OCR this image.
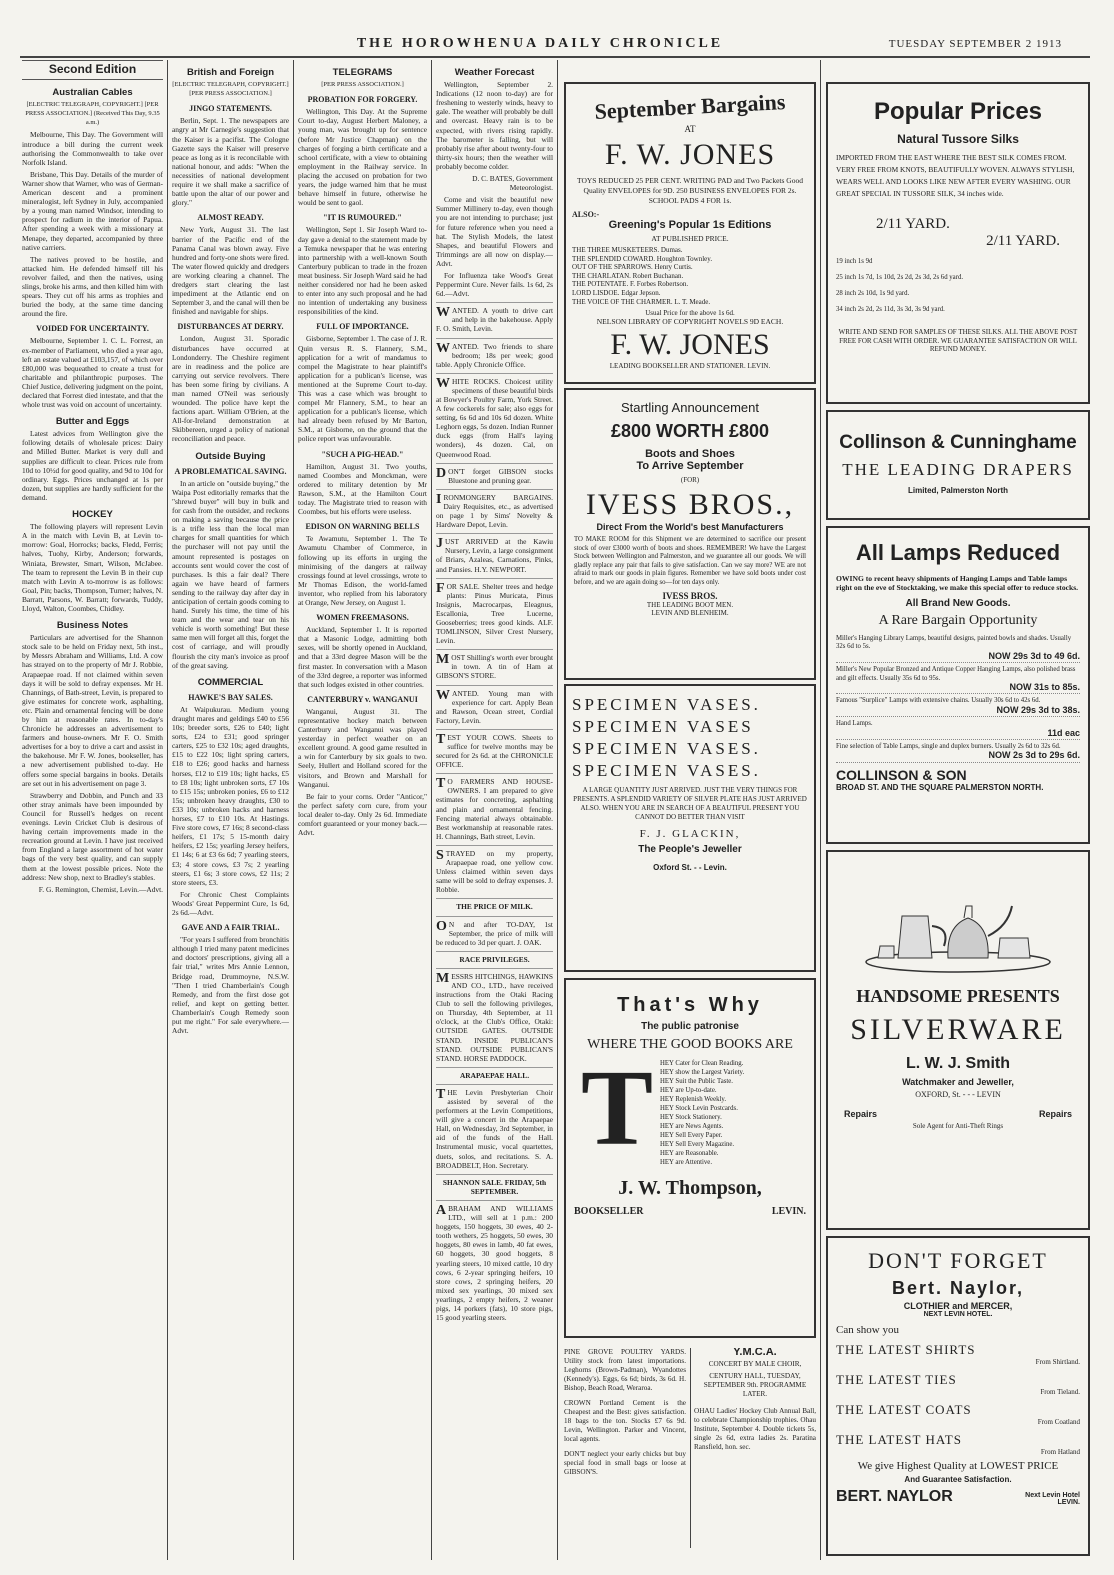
THE HOROWHENUA DAILY CHRONICLE	TUESDAY SEPTEMBER 2 1913
Second Edition
Australian Cables

[ELECTRIC TELEGRAPH, COPYRIGHT.] [PER PRESS ASSOCIATION.] (Received This Day, 9.35 a.m.)

Melbourne, This Day. The Government will introduce a bill during the current week authorising the Commonwealth to take over Norfolk Island.

Brisbane, This Day. Details of the murder of Warner show that Warner, who was of German-American descent and a prominent mineralogist, left Sydney in July, accompanied by a young man named Windsor, intending to prospect for radium in the interior of Papua. After spending a week with a missionary at Menape, they departed, accompanied by three native carriers.

The natives proved to be hostile, and attacked him. He defended himself till his revolver failed, and then the natives, using slings, broke his arms, and then killed him with spears. They cut off his arms as trophies and buried the body, at the same time dancing around the fire.

VOIDED FOR UNCERTAINTY.

Melbourne, September 1. C. L. Forrest, an ex-member of Parliament, who died a year ago, left an estate valued at £103,157, of which over £80,000 was bequeathed to create a trust for charitable and philanthropic purposes. The Chief Justice, delivering judgment on the point, declared that Forrest died intestate, and that the whole trust was void on account of uncertainty.

Butter and Eggs

Latest advices from Wellington give the following details of wholesale prices: Dairy and Milled Butter. Market is very dull and supplies are difficult to clear. Prices rule from 10d to 10½d for good quality, and 9d to 10d for ordinary. Eggs. Prices unchanged at 1s per dozen, but supplies are hardly sufficient for the demand.

HOCKEY

The following players will represent Levin A in the match with Levin B, at Levin to-morrow: Goal, Horrocks; backs, Fledd, Ferris; halves, Tuohy, Kirby, Anderson; forwards, Winiata, Brewster, Smart, Wilson, McJabee. The team to represent the Levin B in their cup match with Levin A to-morrow is as follows: Goal, Pin; backs, Thompson, Turner; halves, N. Barratt, Parsons, W. Barratt; forwards, Tuddy, Lloyd, Walton, Coombes, Chidley.

Business Notes

Particulars are advertised for the Shannon stock sale to be held on Friday next, 5th inst., by Messrs Abraham and Williams, Ltd. A cow has strayed on to the property of Mr J. Robbie, Arapaepae road. If not claimed within seven days it will be sold to defray expenses. Mr H. Channings, of Bath-street, Levin, is prepared to give estimates for concrete work, asphalting, etc. Plain and ornamental fencing will be done by him at reasonable rates. In to-day's Chronicle he addresses an advertisement to farmers and house-owners. Mr F. O. Smith advertises for a boy to drive a cart and assist in the bakehouse. Mr F. W. Jones, bookseller, has a new advertisement published to-day. He offers some special bargains in books. Details are set out in his advertisement on page 3.

Strawberry and Dobbin, and Punch and 33 other stray animals have been impounded by Council for Russell's hedges on recent evenings. Levin Cricket Club is desirous of having certain improvements made in the recreation ground at Levin. I have just received from England a large assortment of hot water bags of the very best quality, and can supply them at the lowest possible prices. Note the address: New shop, next to Bradley's stables.

F. G. Remington, Chemist, Levin.—Advt.

British and Foreign

[ELECTRIC TELEGRAPH, COPYRIGHT.] [PER PRESS ASSOCIATION.]

JINGO STATEMENTS.

Berlin, Sept. 1. The newspapers are angry at Mr Carnegie's suggestion that the Kaiser is a pacifist. The Cologne Gazette says the Kaiser will preserve peace as long as it is reconcilable with national honour, and adds: "When the necessities of national development require it we shall make a sacrifice of battle upon the altar of our power and glory."

ALMOST READY.

New York, August 31. The last barrier of the Pacific end of the Panama Canal was blown away. Five hundred and forty-one shots were fired. The water flowed quickly and dredgers are working clearing a channel. The dredgers start clearing the last impediment at the Atlantic end on September 3, and the canal will then be finished and navigable for ships.

DISTURBANCES AT DERRY.

London, August 31. Sporadic disturbances have occurred at Londonderry. The Cheshire regiment are in readiness and the police are carrying out service revolvers. There has been some firing by civilians. A man named O'Neil was seriously wounded. The police have kept the factions apart. William O'Brien, at the All-for-Ireland demonstration at Skibbereen, urged a policy of national reconciliation and peace.

Outside Buying
A PROBLEMATICAL SAVING.

In an article on "outside buying," the Waipa Post editorially remarks that the "shrewd buyer" will buy in bulk and for cash from the outsider, and reckons on making a saving because the price is a trifle less than the local man charges for small quantities for which the purchaser will not pay until the amount represented is postages on accounts sent would cover the cost of purchases. Is this a fair deal? There again we have heard of farmers sending to the railway day after day in anticipation of certain goods coming to hand. Surely his time, the time of his team and the wear and tear on his vehicle is worth something! But these same men will forget all this, forget the cost of carriage, and will proudly flourish the city man's invoice as proof of the great saving.

COMMERCIAL
HAWKE'S BAY SALES.

At Waipukurau. Medium young draught mares and geldings £40 to £56 10s; breeder sorts, £26 to £40; light sorts, £24 to £31; good springer carters, £25 to £32 10s; aged draughts, £15 to £22 10s; light spring carters, £18 to £26; good hacks and harness horses, £12 to £19 10s; light hacks, £5 to £8 10s; light unbroken sorts, £7 10s to £15 15s; unbroken ponies, £6 to £12 15s; unbroken heavy draughts, £30 to £33 10s; unbroken hacks and harness horses, £7 to £10 10s. At Hastings. Five store cows, £7 16s; 8 second-class heifers, £1 17s; 5 15-month dairy heifers, £2 15s; yearling Jersey heifers, £1 14s; 6 at £3 6s 6d; 7 yearling steers, £3; 4 store cows, £3 7s; 2 yearling steers, £1 6s; 3 store cows, £2 11s; 2 store steers, £3.

For Chronic Chest Complaints Woods' Great Peppermint Cure, 1s 6d, 2s 6d.—Advt.

GAVE AND A FAIR TRIAL.

"For years I suffered from bronchitis although I tried many patent medicines and doctors' prescriptions, giving all a fair trial," writes Mrs Annie Lennon, Bridge road, Drummoyne, N.S.W. "Then I tried Chamberlain's Cough Remedy, and from the first dose got relief, and kept on getting better. Chamberlain's Cough Remedy soon put me right." For sale everywhere.—Advt.

TELEGRAMS

[PER PRESS ASSOCIATION.]

PROBATION FOR FORGERY.

Wellington, This Day. At the Supreme Court to-day, August Herbert Maloney, a young man, was brought up for sentence (before Mr Justice Chapman) on the charges of forging a birth certificate and a school certificate, with a view to obtaining employment in the Railway service. In placing the accused on probation for two years, the judge warned him that he must behave himself in future, otherwise he would be sent to gaol.

"IT IS RUMOURED."

Wellington, Sept 1. Sir Joseph Ward to-day gave a denial to the statement made by a Temuka newspaper that he was entering into partnership with a well-known South Canterbury publican to trade in the frozen meat business. Sir Joseph Ward said he had neither considered nor had he been asked to enter into any such proposal and he had no intention of undertaking any business responsibilities of the kind.

FULL OF IMPORTANCE.

Gisborne, September 1. The case of J. R. Quin versus R. S. Flannery, S.M., application for a writ of mandamus to compel the Magistrate to hear plaintiff's application for a publican's license, was mentioned at the Supreme Court to-day. This was a case which was brought to compel Mr Flannery, S.M., to hear an application for a publican's license, which had already been refused by Mr Barton, S.M., at Gisborne, on the ground that the police report was unfavourable.

"SUCH A PIG-HEAD."

Hamilton, August 31. Two youths, named Coombes and Monckman, were ordered to military detention by Mr Rawson, S.M., at the Hamilton Court today. The Magistrate tried to reason with Coombes, but his efforts were useless.

EDISON ON WARNING BELLS

Te Awamutu, September 1. The Te Awamutu Chamber of Commerce, in following up its efforts in urging the minimising of the dangers at railway crossings found at level crossings, wrote to Mr Thomas Edison, the world-famed inventor, who replied from his laboratory at Orange, New Jersey, on August 1.

WOMEN FREEMASONS.

Auckland, September 1. It is reported that a Masonic Lodge, admitting both sexes, will be shortly opened in Auckland, and that a 33rd degree Mason will be the first master. In conversation with a Mason of the 33rd degree, a reporter was informed that such lodges existed in other countries.

CANTERBURY v. WANGANUI

Wanganui, August 31. The representative hockey match between Canterbury and Wanganui was played yesterday in perfect weather on an excellent ground. A good game resulted in a win for Canterbury by six goals to two. Seely, Hullert and Holland scored for the visitors, and Brown and Marshall for Wanganui.

Be fair to your corns. Order "Anticor," the perfect safety corn cure, from your local dealer to-day. Only 2s 6d. Immediate comfort guaranteed or your money back.—Advt.

Weather Forecast

Wellington, September 2. Indications (12 noon to-day) are for freshening to westerly winds, heavy to gale. The weather will probably be dull and overcast. Heavy rain is to be expected, with rivers rising rapidly. The barometer is falling, but will probably rise after about twenty-four to thirty-six hours; then the weather will probably become colder.

D. C. BATES, Government Meteorologist.

Come and visit the beautiful new Summer Millinery to-day, even though you are not intending to purchase; just for future reference when you need a hat. The Stylish Models, the latest Shapes, and beautiful Flowers and Trimmings are all now on display.—Advt.

For Influenza take Wood's Great Peppermint Cure. Never fails. 1s 6d, 2s 6d.—Advt.

WANTED. A youth to drive cart and help in the bakehouse. Apply F. O. Smith, Levin.
WANTED. Two friends to share bedroom; 18s per week; good table. Apply Chronicle Office.
WHITE ROCKS. Choicest utility specimens of these beautiful birds at Bowyer's Poultry Farm, York Street. A few cockerels for sale; also eggs for setting, 6s 6d and 10s 6d dozen. White Leghorn eggs, 5s dozen. Indian Runner duck eggs (from Hall's laying wonders), 4s dozen. Cal, on Queenwood Road.
DON'T forget GIBSON stocks Bluestone and pruning gear.
IRONMONGERY BARGAINS. Dairy Requisites, etc., as advertised on page 1 by Sims' Novelty & Hardware Depot, Levin.
JUST ARRIVED at the Kawiu Nursery, Levin, a large consignment of Briars, Azaleas, Carnations, Pinks, and Pansies. H.Y. NEWPORT.
FOR SALE. Shelter trees and hedge plants: Pinus Muricata, Pinus Insignis, Macrocarpas, Eleagnus, Escallonia, Tree Lucerne, Gooseberries; trees good kinds. ALF. TOMLINSON, Silver Crest Nursery, Levin.
MOST Shilling's worth ever brought in town. A tin of Ham at GIBSON'S STORE.
WANTED. Young man with experience for cart. Apply Bean and Rawson, Ocean street, Cordial Factory, Levin.
TEST YOUR COWS. Sheets to suffice for twelve months may be secured for 2s 6d. at the CHRONICLE OFFICE.
T O FARMERS AND HOUSE-OWNERS. I am prepared to give estimates for concreting, asphalting and plain and ornamental fencing. Fencing material always obtainable. Best workmanship at reasonable rates. H. Channings, Bath street, Levin.
STRAYED on my property, Arapaepae road, one yellow cow. Unless claimed within seven days same will be sold to defray expenses. J. Robbie.
THE PRICE OF MILK.
O N and after TO-DAY, 1st September, the price of milk will be reduced to 3d per quart. J. OAK.
RACE PRIVILEGES.
MESSRS HITCHINGS, HAWKINS AND CO., LTD., have received instructions from the Otaki Racing Club to sell the following privileges, on Thursday, 4th September, at 11 o'clock, at the Club's Office, Otaki: OUTSIDE GATES. OUTSIDE STAND. INSIDE PUBLICAN'S STAND. OUTSIDE PUBLICAN'S STAND. HORSE PADDOCK.
ARAPAEPAE HALL.
THE Levin Presbyterian Choir assisted by several of the performers at the Levin Competitions, will give a concert in the Arapaepae Hall, on Wednesday, 3rd September, in aid of the funds of the Hall. Instrumental music, vocal quartettes, duets, solos, and recitations. S. A. BROADBELT, Hon. Secretary.
SHANNON SALE. FRIDAY, 5th SEPTEMBER.
ABRAHAM AND WILLIAMS LTD., will sell at 1 p.m.: 200 hoggets, 150 hoggets, 30 ewes, 40 2-tooth wethers, 25 hoggets, 50 ewes, 30 hoggets, 80 ewes in lamb, 40 fat ewes, 60 hoggets, 30 good hoggets, 8 yearling steers, 10 mixed cattle, 10 dry cows, 6 2-year springing heifers, 10 store cows, 2 springing heifers, 20 mixed sex yearlings, 30 mixed sex yearlings, 2 empty heifers, 2 weaner pigs, 14 porkers (fats), 10 store pigs, 15 good yearling steers.
September Bargains
AT
F. W. JONES
TOYS REDUCED 25 PER CENT. WRITING PAD and Two Packets Good Quality ENVELOPES for 9D. 250 BUSINESS ENVELOPES FOR 2s. SCHOOL PADS 4 FOR 1s.
ALSO:-
Greening's Popular 1s Editions
AT PUBLISHED PRICE.
THE THREE MUSKETEERS. Dumas.
THE SPLENDID COWARD. Houghton Townley.
OUT OF THE SPARROWS. Henry Curtis.
THE CHARLATAN. Robert Buchanan.
THE POTENTATE. F. Forbes Robertson.
LORD LISDOE. Edgar Jepson.
THE VOICE OF THE CHARMER. L. T. Meade.
Usual Price for the above 1s 6d.
NELSON LIBRARY OF COPYRIGHT NOVELS 9D EACH.
F. W. JONES
LEADING BOOKSELLER AND STATIONER. LEVIN.
Startling Announcement
£800 WORTH £800
Boots and Shoes
To Arrive September
(FOR)
IVESS BROS.,
Direct From the World's best Manufacturers
TO MAKE ROOM for this Shipment we are determined to sacrifice our present stock of over £3000 worth of boots and shoes. REMEMBER! We have the Largest Stock between Wellington and Palmerston, and we guarantee all our goods. We will gladly replace any pair that fails to give satisfaction. Can we say more? WE are not afraid to mark our goods in plain figures. Remember we have sold boots under cost before, and we are again doing so—for ten days only.
IVESS BROS.
THE LEADING BOOT MEN.
LEVIN AND BLENHEIM.
SPECIMEN VASES.
SPECIMEN VASES
SPECIMEN VASES.
SPECIMEN VASES.
A LARGE QUANTITY JUST ARRIVED. JUST THE VERY THINGS FOR PRESENTS. A SPLENDID VARIETY OF SILVER PLATE HAS JUST ARRIVED ALSO. WHEN YOU ARE IN SEARCH OF A BEAUTIFUL PRESENT YOU CANNOT DO BETTER THAN VISIT
F. J. GLACKIN,
The People's Jeweller
Oxford St. - - Levin.
That's Why
The public patronise
WHERE THE GOOD BOOKS ARE
T	HEY Cater for Clean Reading.
HEY show the Largest Variety.
HEY Suit the Public Taste.
HEY are Up-to-date.
HEY Replenish Weekly.
HEY Stock Levin Postcards.
HEY Stock Stationery.
HEY are News Agents.
HEY Sell Every Paper.
HEY Sell Every Magazine.
HEY are Reasonable.
HEY are Attentive.
J. W. Thompson,
BOOKSELLER	LEVIN.

PINE GROVE POULTRY YARDS. Utility stock from latest importations. Leghorns (Brown-Padman), Wyandottes (Kennedy's). Eggs, 6s 6d; birds, 3s 6d. H. Bishop, Beach Road, Weraroa.

CROWN Portland Cement is the Cheapest and the Best: gives satisfaction. 18 bags to the ton. Stocks £7 6s 9d. Levin, Wellington. Parker and Vincent, local agents.

DON'T neglect your early chicks but buy special food in small bags or loose at GIBSON'S.

Y.M.C.A.
CONCERT BY MALE CHOIR,
CENTURY HALL, TUESDAY, SEPTEMBER 9th. PROGRAMME LATER.

OHAU Ladies' Hockey Club Annual Ball, to celebrate Championship trophies. Ohau Institute, September 4. Double tickets 5s, single 2s 6d, extra ladies 2s. Paratina Ransfield, hon. sec.

Popular Prices
Natural Tussore Silks
IMPORTED FROM THE EAST WHERE THE BEST SILK COMES FROM. VERY FREE FROM KNOTS, BEAUTIFULLY WOVEN. ALWAYS STYLISH, WEARS WELL AND LOOKS LIKE NEW AFTER EVERY WASHING. OUR GREAT SPECIAL IN TUSSORE SILK, 34 inches wide.
2/11 YARD.
2/11 YARD.
19 inch 1s 9d
25 inch 1s 7d, 1s 10d, 2s 2d, 2s 3d, 2s 6d yard.
28 inch 2s 10d, 1s 9d yard.
34 inch 2s 2d, 2s 11d, 3s 3d, 3s 9d yard.
WRITE AND SEND FOR SAMPLES OF THESE SILKS. ALL THE ABOVE POST FREE FOR CASH WITH ORDER. WE GUARANTEE SATISFACTION OR WILL REFUND MONEY.
Collinson & Cunninghame
THE LEADING DRAPERS
Limited, Palmerston North
All Lamps Reduced
OWING to recent heavy shipments of Hanging Lamps and Table lamps right on the eve of Stocktaking, we make this special offer to reduce stocks.
All Brand New Goods.
A Rare Bargain Opportunity
Miller's Hanging Library Lamps, beautiful designs, painted bowls and shades. Usually 32s 6d to 5s.
NOW 29s 3d to 49 6d.
Miller's New Popular Bronzed and Antique Copper Hanging Lamps, also polished brass and gilt effects. Usually 35s 6d to 95s.
NOW 31s to 85s.
Famous "Surplice" Lamps with extensive chains. Usually 30s 6d to 42s 6d.
NOW 29s 3d to 38s.
Hand Lamps.
11d eac
Fine selection of Table Lamps, single and duplex burners. Usually 2s 6d to 32s 6d.
NOW 2s 3d to 29s 6d.
COLLINSON & SON
BROAD ST. AND THE SQUARE PALMERSTON NORTH.
HANDSOME PRESENTS
SILVERWARE
L. W. J. Smith
Watchmaker and Jeweller,
OXFORD, St. - - - LEVIN
Repairs	Repairs
Sole Agent for Anti-Theft Rings
DON'T FORGET
Bert. Naylor,
CLOTHIER and MERCER,
NEXT LEVIN HOTEL.
Can show you
THE LATEST SHIRTS
From Shirtland.
THE LATEST TIES
From Tieland.
THE LATEST COATS
From Coatland
THE LATEST HATS
From Hatland
We give Highest Quality at LOWEST PRICE
And Guarantee Satisfaction.
BERT. NAYLOR	Next Levin Hotel LEVIN.
